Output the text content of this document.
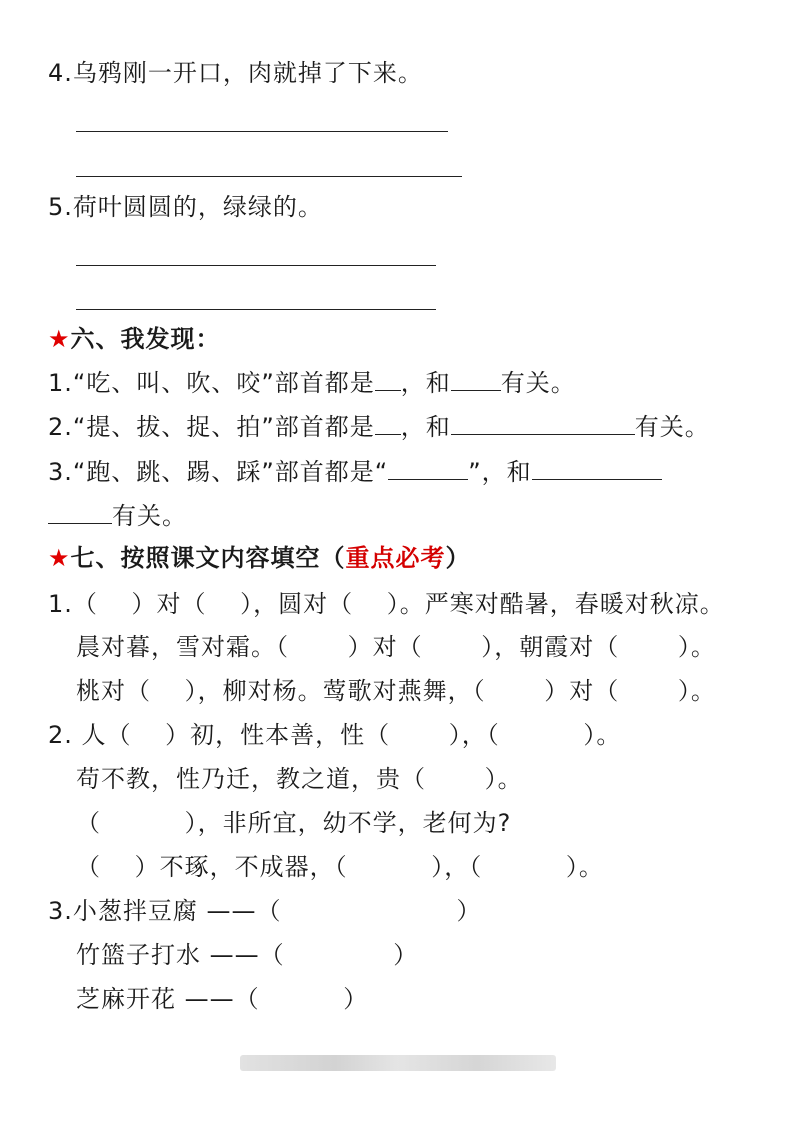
4.乌鸦刚一开口，肉就掉了下来。
5.荷叶圆圆的，绿绿的。
★六、我发现：
1.“吃、叫、吹、咬”部首都是 ，和 有关。
2.“提、拔、捉、拍”部首都是 ，和	有关。
3.“跑、跳、踢、踩”部首都是“	”，和
有关。
★七、按照课文内容填空（重点必考）
1.（　 ）对（　 ），圆对（　 ）。严寒对酷暑，春暖对秋凉。
晨对暮，雪对霜。（　　 ）对（　　 ），朝霞对（　　 ）。
桃对（　 ），柳对杨。莺歌对燕舞，（　　 ）对（　　 ）。
2. 人（　 ）初，性本善，性（　　 ），（　　　 ）。
苟不教，性乃迁，教之道，贵（　　 ）。
（　　　 ），非所宜，幼不学，老何为?
（　 ）不琢，不成器，（　　　 ），（　　　 ）。
3.小葱拌豆腐 ——（　　　　　　　）
竹篮子打水 ——（　　　　 ）
芝麻开花 ——（　　　 ）
